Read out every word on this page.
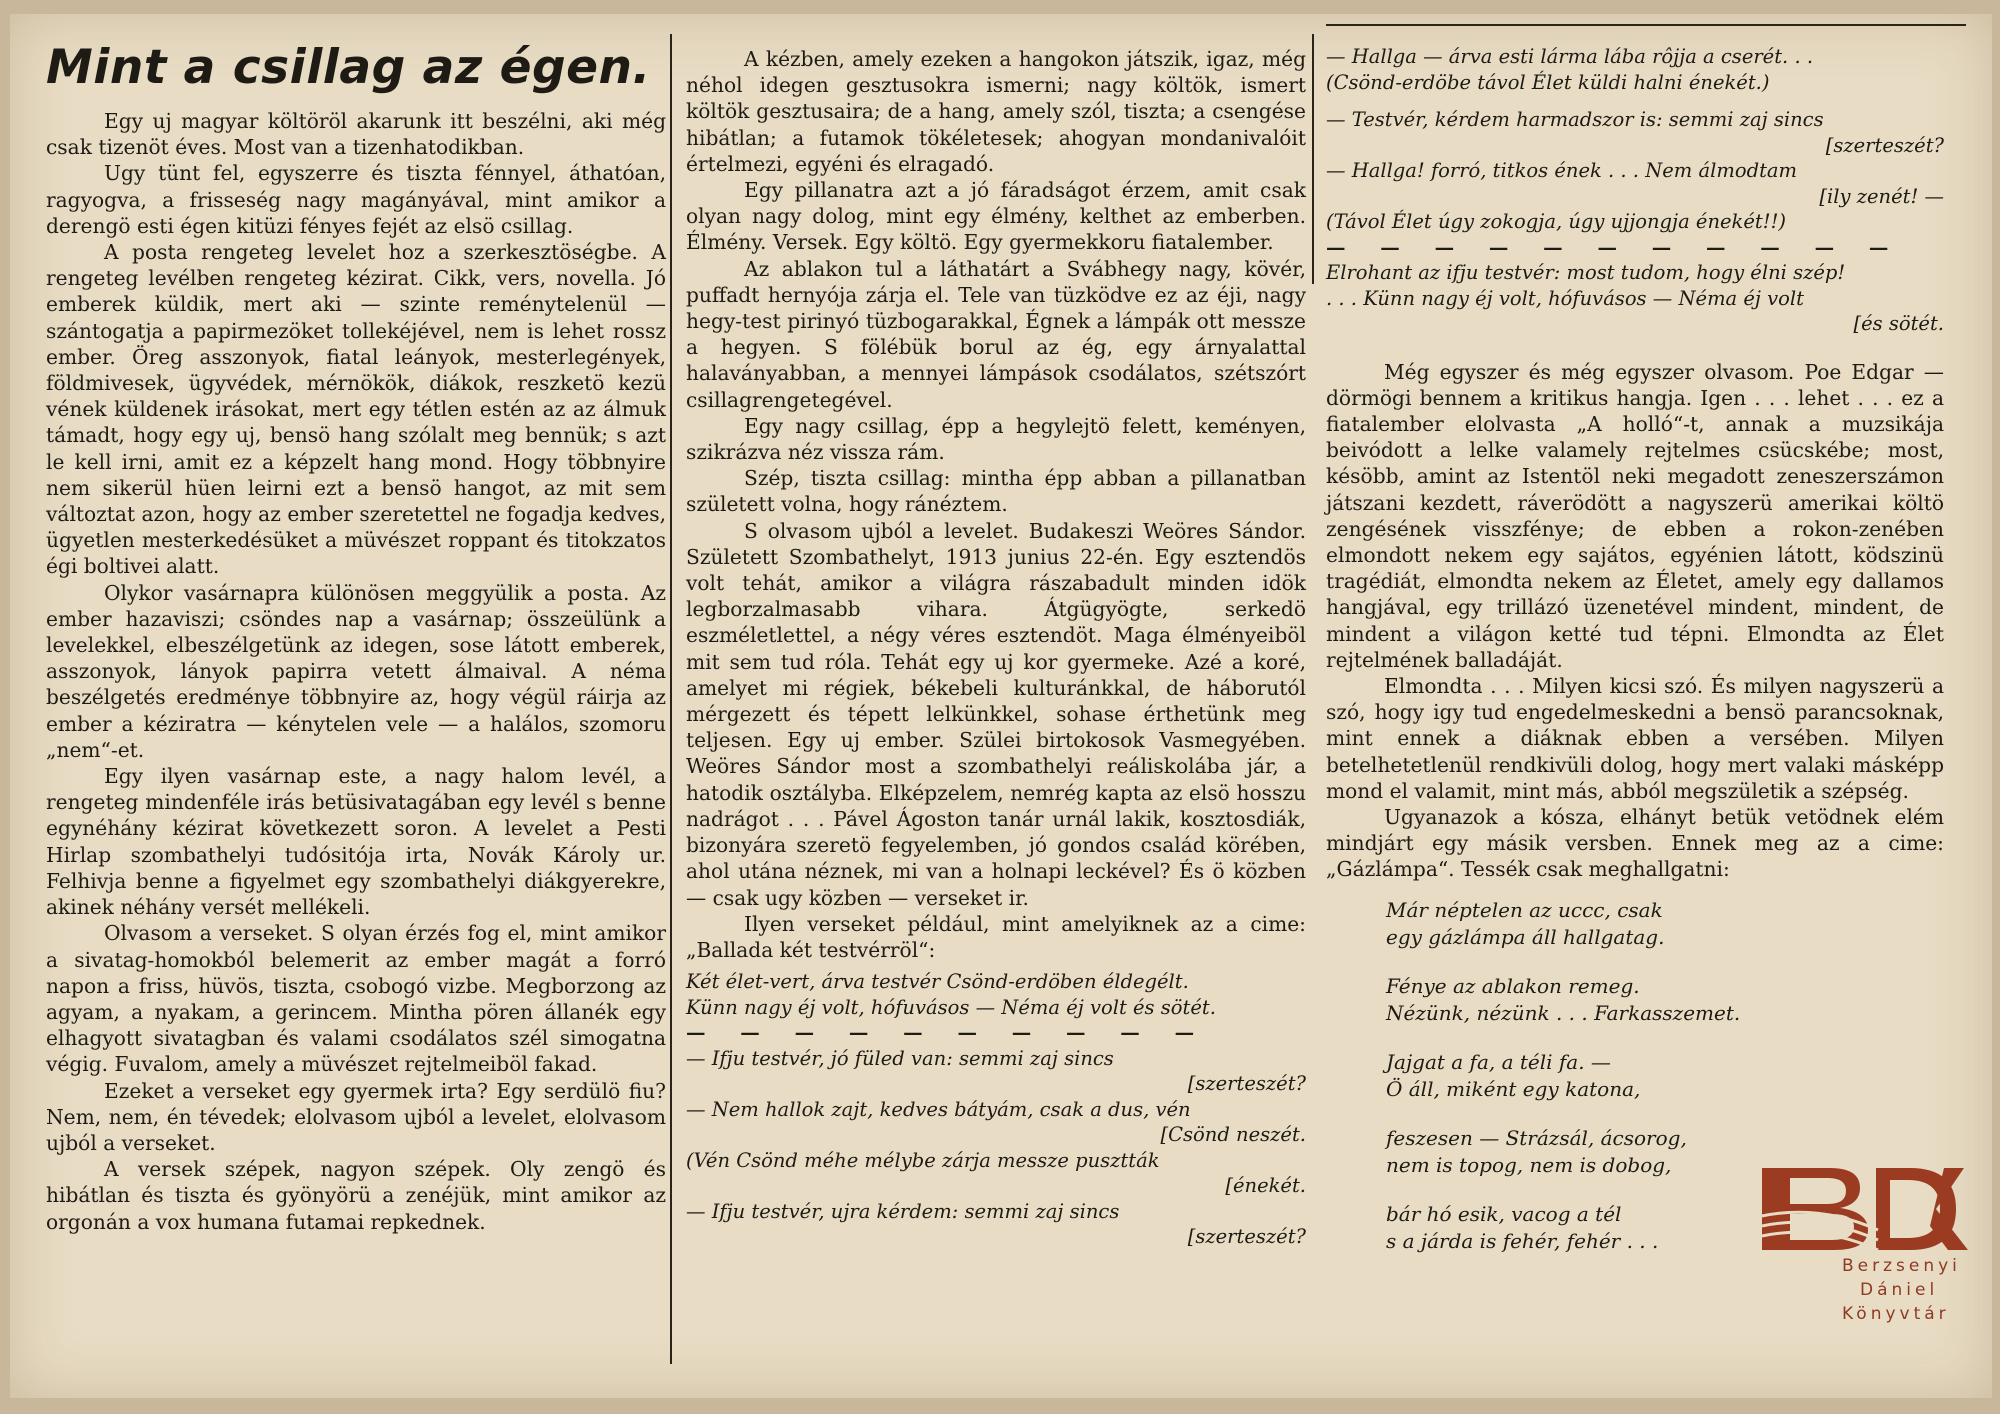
Mint a csillag az égen.

Egy uj magyar költöröl akarunk itt beszélni, aki még csak tizenöt éves. Most van a tizenhatodikban.

Ugy tünt fel, egyszerre és tiszta fénnyel, áthatóan, ragyogva, a frisseség nagy magányával, mint amikor a derengö esti égen kitüzi fényes fejét az elsö csillag.

A posta rengeteg levelet hoz a szerkesztöségbe. A rengeteg levélben rengeteg kézirat. Cikk, vers, novella. Jó emberek küldik, mert aki — szinte reménytelenül — szántogatja a papirmezöket tollekéjével, nem is lehet rossz ember. Öreg asszonyok, fiatal leányok, mesterlegények, földmivesek, ügyvédek, mérnökök, diákok, reszketö kezü vének küldenek irásokat, mert egy tétlen estén az az álmuk támadt, hogy egy uj, bensö hang szólalt meg bennük; s azt le kell irni, amit ez a képzelt hang mond. Hogy többnyire nem sikerül hüen leirni ezt a bensö hangot, az mit sem változtat azon, hogy az ember szeretettel ne fogadja kedves, ügyetlen mesterkedésüket a müvészet roppant és titokzatos égi boltivei alatt.

Olykor vasárnapra különösen meggyülik a posta. Az ember hazaviszi; csöndes nap a vasárnap; összeülünk a levelekkel, elbeszélgetünk az idegen, sose látott emberek, asszonyok, lányok papirra vetett álmaival. A néma beszélgetés eredménye többnyire az, hogy végül ráirja az ember a kéziratra — kénytelen vele — a halálos, szomoru „nem“-et.

Egy ilyen vasárnap este, a nagy halom levél, a rengeteg mindenféle irás betüsivatagában egy levél s benne egynéhány kézirat következett soron. A levelet a Pesti Hirlap szombathelyi tudósitója irta, Novák Károly ur. Felhivja benne a figyelmet egy szombathelyi diákgyerekre, akinek néhány versét mellékeli.

Olvasom a verseket. S olyan érzés fog el, mint amikor a sivatag-homokból belemerit az ember magát a forró napon a friss, hüvös, tiszta, csobogó vizbe. Megborzong az agyam, a nyakam, a gerincem. Mintha pören állanék egy elhagyott sivatagban és valami csodálatos szél simogatna végig. Fuvalom, amely a müvészet rejtelmeiböl fakad.

Ezeket a verseket egy gyermek irta? Egy serdülö fiu? Nem, nem, én tévedek; elolvasom ujból a levelet, elolvasom ujból a verseket.

A versek szépek, nagyon szépek. Oly zengö és hibátlan és tiszta és gyönyörü a zenéjük, mint amikor az orgonán a vox humana futamai repkednek.

A kézben, amely ezeken a hangokon játszik, igaz, még néhol idegen gesztusokra ismerni; nagy költök, ismert költök gesztusaira; de a hang, amely szól, tiszta; a csengése hibátlan; a futamok tökéletesek; ahogyan mondanivalóit értelmezi, egyéni és elragadó.

Egy pillanatra azt a jó fáradságot érzem, amit csak olyan nagy dolog, mint egy élmény, kelthet az emberben. Élmény. Versek. Egy költö. Egy gyermekkoru fiatalember.

Az ablakon tul a láthatárt a Svábhegy nagy, kövér, puffadt hernyója zárja el. Tele van tüzködve ez az éji, nagy hegy-test pirinyó tüzbogarakkal, Égnek a lámpák ott messze a hegyen. S fölébük borul az ég, egy árnyalattal halaványabban, a mennyei lámpások csodálatos, szétszórt csillagrengetegével.

Egy nagy csillag, épp a hegylejtö felett, keményen, szikrázva néz vissza rám.

Szép, tiszta csillag: mintha épp abban a pillanatban született volna, hogy ránéztem.

S olvasom ujból a levelet. Budakeszi Weöres Sándor. Született Szombathelyt, 1913 junius 22-én. Egy esztendös volt tehát, amikor a világra rászabadult minden idök legborzalmasabb vihara. Átgügyögte, serkedö eszméletlettel, a négy véres esztendöt. Maga élményeiböl mit sem tud róla. Tehát egy uj kor gyermeke. Azé a koré, amelyet mi régiek, békebeli kulturánkkal, de háborutól mérgezett és tépett lelkünkkel, sohase érthetünk meg teljesen. Egy uj ember. Szülei birtokosok Vasmegyében. Weöres Sándor most a szombathelyi reáliskolába jár, a hatodik osztályba. Elképzelem, nemrég kapta az elsö hosszu nadrágot . . . Pável Ágoston tanár urnál lakik, kosztosdiák, bizonyára szeretö fegyelemben, jó gondos család körében, ahol utána néznek, mi van a holnapi leckével? És ö közben — csak ugy közben — verseket ir.

Ilyen verseket például, mint amelyiknek az a cime: „Ballada két testvérröl“:

Két élet-vert, árva testvér Csönd-erdöben éldegélt.
Künn nagy éj volt, hófuvásos — Néma éj volt és sötét.
— — — — — — — — — —
— Ifju testvér, jó füled van: semmi zaj sincs
[szerteszét?
— Nem hallok zajt, kedves bátyám, csak a dus, vén
[Csönd neszét.
(Vén Csönd méhe mélybe zárja messze pusztták
[énekét.
— Ifju testvér, ujra kérdem: semmi zaj sincs
[szerteszét?
— Hallga — árva esti lárma lába rôjja a cserét. . .
(Csönd-erdöbe távol Élet küldi halni énekét.)
— Testvér, kérdem harmadszor is: semmi zaj sincs
[szerteszét?
— Hallga! forró, titkos ének . . . Nem álmodtam
[ily zenét! —
(Távol Élet úgy zokogja, úgy ujjongja énekét!!)
— — — — — — — — — — —
Elrohant az ifju testvér: most tudom, hogy élni szép!
. . . Künn nagy éj volt, hófuvásos — Néma éj volt
[és sötét.

Még egyszer és még egyszer olvasom. Poe Edgar — dörmögi bennem a kritikus hangja. Igen . . . lehet . . . ez a fiatalember elolvasta „A holló“-t, annak a muzsikája beivódott a lelke valamely rejtelmes csücskébe; most, késöbb, amint az Istentöl neki megadott zeneszerszámon játszani kezdett, ráverödött a nagyszerü amerikai költö zengésének visszfénye; de ebben a rokon-zenében elmondott nekem egy sajátos, egyénien látott, ködszinü tragédiát, elmondta nekem az Életet, amely egy dallamos hangjával, egy trillázó üzenetével mindent, mindent, de mindent a világon ketté tud tépni. Elmondta az Élet rejtelmének balladáját.

Elmondta . . . Milyen kicsi szó. És milyen nagyszerü a szó, hogy igy tud engedelmeskedni a bensö parancsoknak, mint ennek a diáknak ebben a versében. Milyen betelhetetlenül rendkivüli dolog, hogy mert valaki másképp mond el valamit, mint más, abból megszületik a szépség.

Ugyanazok a kósza, elhányt betük vetödnek elém mindjárt egy másik versben. Ennek meg az a cime: „Gázlámpa“. Tessék csak meghallgatni:

Már néptelen az uccc, csak
egy gázlámpa áll hallgatag.
Fénye az ablakon remeg.
Nézünk, nézünk . . . Farkasszemet.
Jajgat a fa, a téli fa. —
Ö áll, miként egy katona,
feszesen — Strázsál, ácsorog,
nem is topog, nem is dobog,
bár hó esik, vacog a tél
s a járda is fehér, fehér . . .
Berzsenyi
Dániel
Könyvtár
